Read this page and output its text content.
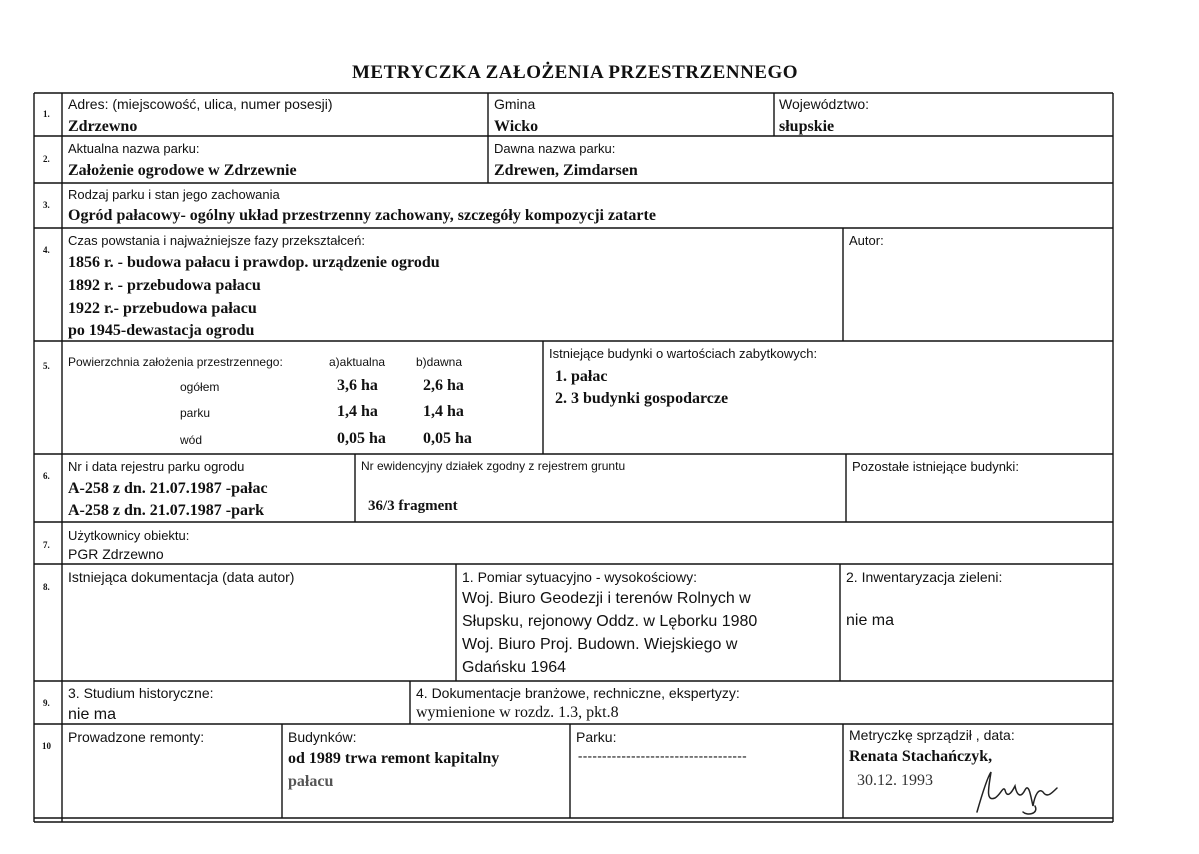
METRYCZKA ZAŁOŻENIA PRZESTRZENNEGO
1.
Adres: (miejscowość, ulica, numer posesji)
Zdrzewno
Gmina
Wicko
Województwo:
słupskie
2.
Aktualna nazwa parku:
Założenie ogrodowe w Zdrzewnie
Dawna nazwa parku:
Zdrewen, Zimdarsen
3.
Rodzaj parku i stan jego zachowania
Ogród pałacowy- ogólny układ przestrzenny zachowany, szczegóły kompozycji zatarte
4.
Czas powstania i najważniejsze fazy przekształceń:
1856 r. - budowa pałacu i prawdop. urządzenie ogrodu
1892 r. - przebudowa pałacu
1922 r.- przebudowa pałacu
po 1945-dewastacja ogrodu
Autor:
5. Powierzchnia założenia przestrzennego:	a)aktualna	b)dawna
ogółem	3,6 ha	2,6 ha
parku	1,4 ha	1,4 ha
wód	0,05 ha 0,05 ha
Istniejące budynki o wartościach zabytkowych:
1. pałac
2. 3 budynki gospodarcze
6.
Nr i data rejestru parku ogrodu
A-258 z dn. 21.07.1987 -pałac
A-258 z dn. 21.07.1987 -park
Nr ewidencyjny działek zgodny z rejestrem gruntu
36/3 fragment
Pozostałe istniejące budynki:
7.
Użytkownicy obiektu:
PGR Zdrzewno
8.
Istniejąca dokumentacja (data autor)	1. Pomiar sytuacyjno - wysokościowy:
Woj. Biuro Geodezji i terenów Rolnych w
Słupsku, rejonowy Oddz. w Lęborku 1980
Woj. Biuro Proj. Budown. Wiejskiego w
Gdańsku 1964
2. Inwentaryzacja zieleni:
nie ma
9.
3. Studium historyczne:
nie ma
4. Dokumentacje branżowe, rechniczne, ekspertyzy:
wymienione w rozdz. 1.3, pkt.8
10
Prowadzone remonty:	Budynków:
od 1989 trwa remont kapitalny
pałacu
Parku:
-----------------------------------
Metryczkę sprządził , data:
Renata Stachańczyk,
30.12. 1993
